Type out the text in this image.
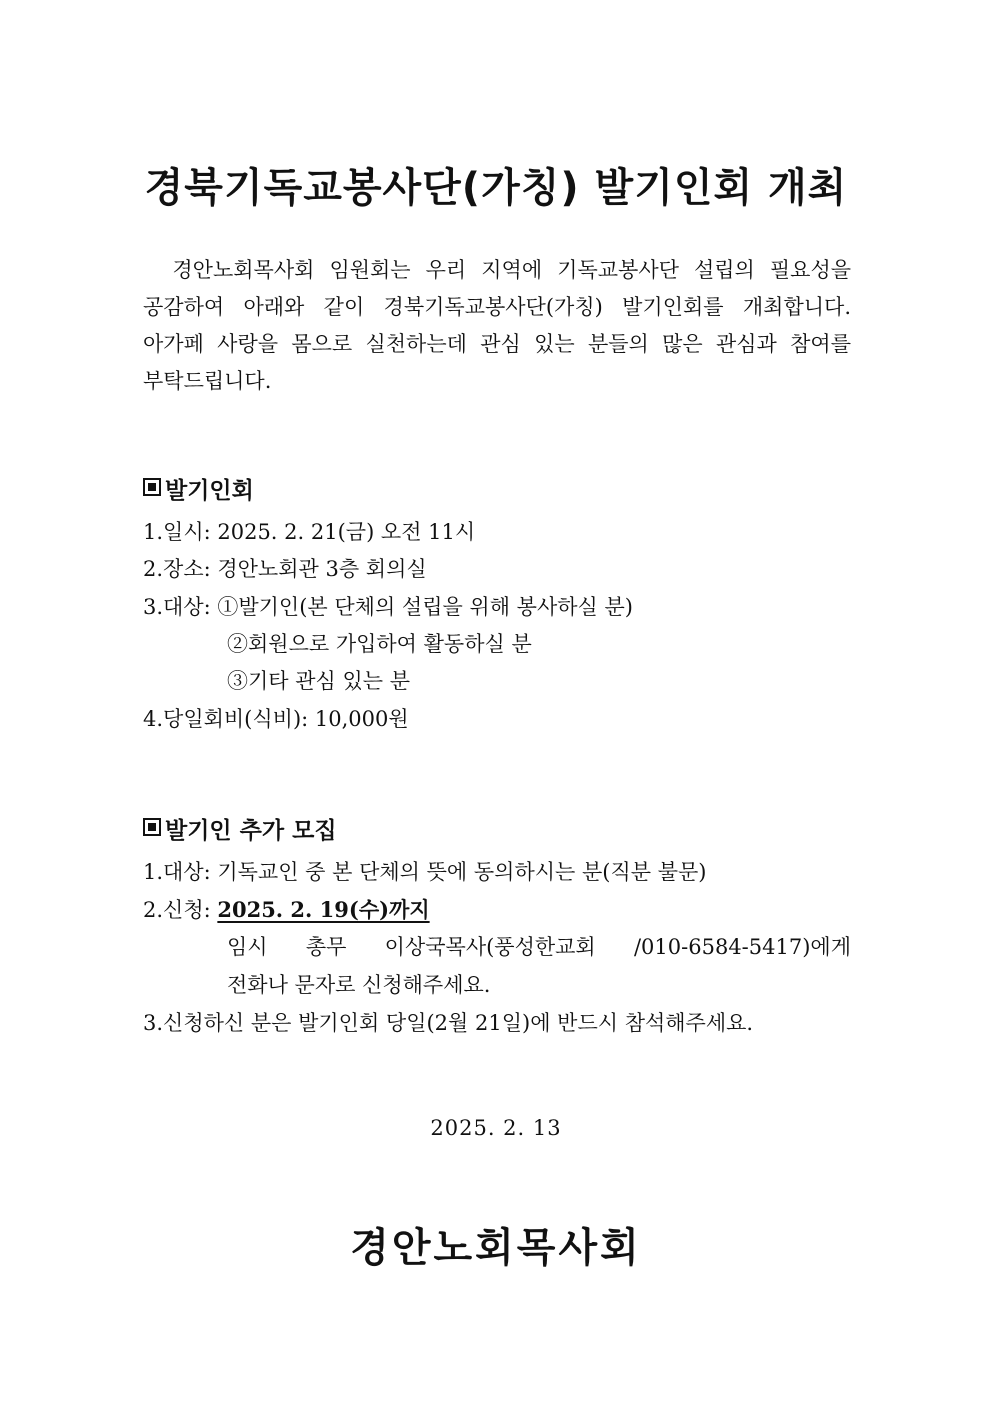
경북기독교봉사단(가칭) 발기인회 개최

　경안노회목사회 임원회는 우리 지역에 기독교봉사단 설립의 필요성을 공감하여 아래와 같이 경북기독교봉사단(가칭) 발기인회를 개최합니다. 아가페 사랑을 몸으로 실천하는데 관심 있는 분들의 많은 관심과 참여를 부탁드립니다.

발기인회

1.일시: 2025. 2. 21(금) 오전 11시

2.장소: 경안노회관 3층 회의실

3.대상: ①발기인(본 단체의 설립을 위해 봉사하실 분)

②회원으로 가입하여 활동하실 분

③기타 관심 있는 분

4.당일회비(식비): 10,000원

발기인 추가 모집

1.대상: 기독교인 중 본 단체의 뜻에 동의하시는 분(직분 불문)

2.신청: 2025. 2. 19(수)까지

임시 총무 이상국목사(풍성한교회 /010-6584-5417)에게

전화나 문자로 신청해주세요.

3.신청하신 분은 발기인회 당일(2월 21일)에 반드시 참석해주세요.

2025. 2. 13

경안노회목사회
